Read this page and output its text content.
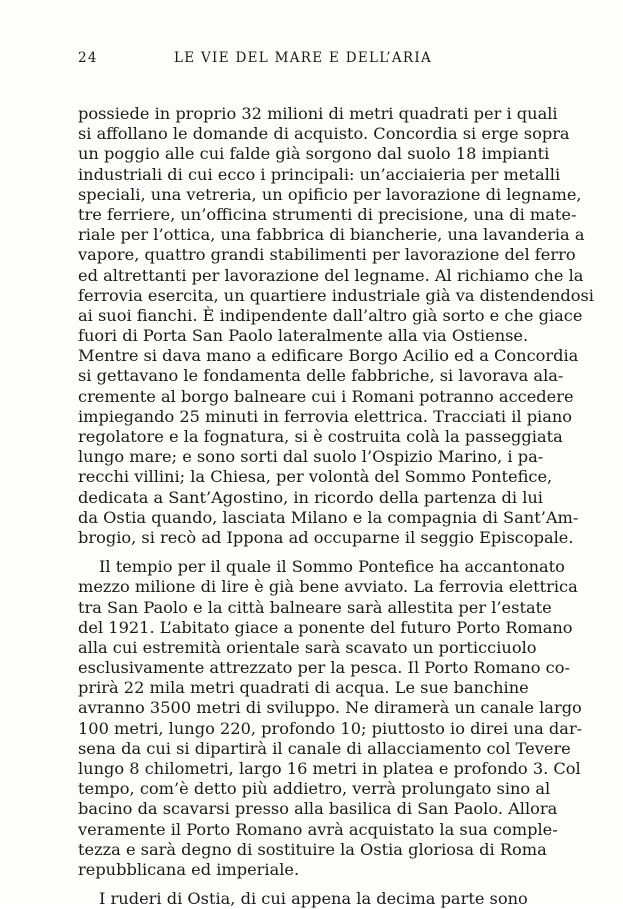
24	LE VIE DEL MARE E DELL’ARIA
possiede in proprio 32 milioni di metri quadrati per i quali
si affollano le domande di acquisto. Concordia si erge sopra
un poggio alle cui falde già sorgono dal suolo 18 impianti
industriali di cui ecco i principali: un’acciaieria per metalli
speciali, una vetreria, un opificio per lavorazione di legname,
tre ferriere, un’officina strumenti di precisione, una di mate-
riale per l’ottica, una fabbrica di biancherie, una lavanderia a
vapore, quattro grandi stabilimenti per lavorazione del ferro
ed altrettanti per lavorazione del legname. Al richiamo che la
ferrovia esercita, un quartiere industriale già va distendendosi
ai suoi fianchi. È indipendente dall’altro già sorto e che giace
fuori di Porta San Paolo lateralmente alla via Ostiense.
Mentre si dava mano a edificare Borgo Acilio ed a Concordia
si gettavano le fondamenta delle fabbriche, si lavorava ala-
cremente al borgo balneare cui i Romani potranno accedere
impiegando 25 minuti in ferrovia elettrica. Tracciati il piano
regolatore e la fognatura, si è costruita colà la passeggiata
lungo mare; e sono sorti dal suolo l’Ospizio Marino, i pa-
recchi villini; la Chiesa, per volontà del Sommo Pontefice,
dedicata a Sant’Agostino, in ricordo della partenza di lui
da Ostia quando, lasciata Milano e la compagnia di Sant’Am-
brogio, si recò ad Ippona ad occuparne il seggio Episcopale.
Il tempio per il quale il Sommo Pontefice ha accantonato
mezzo milione di lire è già bene avviato. La ferrovia elettrica
tra San Paolo e la città balneare sarà allestita per l’estate
del 1921. L’abitato giace a ponente del futuro Porto Romano
alla cui estremità orientale sarà scavato un porticciuolo
esclusivamente attrezzato per la pesca. Il Porto Romano co-
prirà 22 mila metri quadrati di acqua. Le sue banchine
avranno 3500 metri di sviluppo. Ne diramerà un canale largo
100 metri, lungo 220, profondo 10; piuttosto io direi una dar-
sena da cui si dipartirà il canale di allacciamento col Tevere
lungo 8 chilometri, largo 16 metri in platea e profondo 3. Col
tempo, com’è detto più addietro, verrà prolungato sino al
bacino da scavarsi presso alla basilica di San Paolo. Allora
veramente il Porto Romano avrà acquistato la sua complе-
tezza e sarà degno di sostituire la Ostia gloriosa di Roma
repubblicana ed imperiale.
I ruderi di Ostia, di cui appena la decima parte sono
